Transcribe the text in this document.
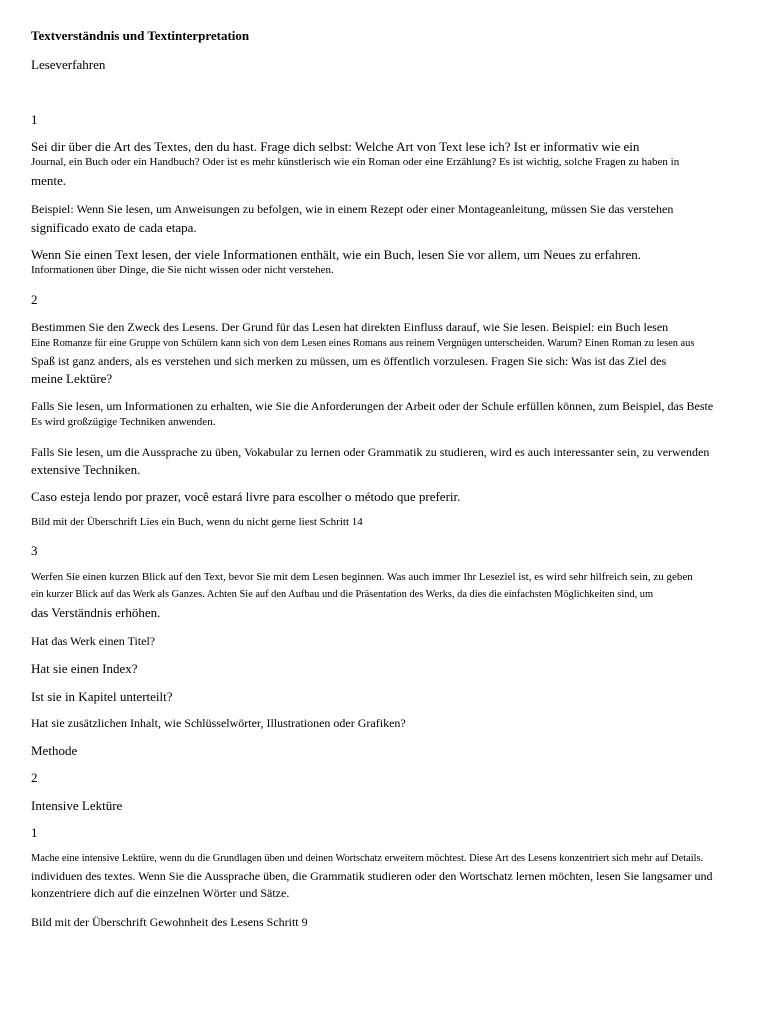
Textverständnis und Textinterpretation
Leseverfahren
1
Sei dir über die Art des Textes, den du hast. Frage dich selbst: Welche Art von Text lese ich? Ist er informativ wie ein
Journal, ein Buch oder ein Handbuch? Oder ist es mehr künstlerisch wie ein Roman oder eine Erzählung? Es ist wichtig, solche Fragen zu haben in
mente.
Beispiel: Wenn Sie lesen, um Anweisungen zu befolgen, wie in einem Rezept oder einer Montageanleitung, müssen Sie das verstehen
significado exato de cada etapa.
Wenn Sie einen Text lesen, der viele Informationen enthält, wie ein Buch, lesen Sie vor allem, um Neues zu erfahren.
Informationen über Dinge, die Sie nicht wissen oder nicht verstehen.
2
Bestimmen Sie den Zweck des Lesens. Der Grund für das Lesen hat direkten Einfluss darauf, wie Sie lesen. Beispiel: ein Buch lesen
Eine Romanze für eine Gruppe von Schülern kann sich von dem Lesen eines Romans aus reinem Vergnügen unterscheiden. Warum? Einen Roman zu lesen aus
Spaß ist ganz anders, als es verstehen und sich merken zu müssen, um es öffentlich vorzulesen. Fragen Sie sich: Was ist das Ziel des
meine Lektüre?
Falls Sie lesen, um Informationen zu erhalten, wie Sie die Anforderungen der Arbeit oder der Schule erfüllen können, zum Beispiel, das Beste
Es wird großzügige Techniken anwenden.
Falls Sie lesen, um die Aussprache zu üben, Vokabular zu lernen oder Grammatik zu studieren, wird es auch interessanter sein, zu verwenden
extensive Techniken.
Caso esteja lendo por prazer, você estará livre para escolher o método que preferir.
Bild mit der Überschrift Lies ein Buch, wenn du nicht gerne liest Schritt 14
3
Werfen Sie einen kurzen Blick auf den Text, bevor Sie mit dem Lesen beginnen. Was auch immer Ihr Leseziel ist, es wird sehr hilfreich sein, zu geben
ein kurzer Blick auf das Werk als Ganzes. Achten Sie auf den Aufbau und die Präsentation des Werks, da dies die einfachsten Möglichkeiten sind, um
das Verständnis erhöhen.
Hat das Werk einen Titel?
Hat sie einen Index?
Ist sie in Kapitel unterteilt?
Hat sie zusätzlichen Inhalt, wie Schlüsselwörter, Illustrationen oder Grafiken?
Methode
2
Intensive Lektüre
1
Mache eine intensive Lektüre, wenn du die Grundlagen üben und deinen Wortschatz erweitern möchtest. Diese Art des Lesens konzentriert sich mehr auf Details.
individuen des textes. Wenn Sie die Aussprache üben, die Grammatik studieren oder den Wortschatz lernen möchten, lesen Sie langsamer und
konzentriere dich auf die einzelnen Wörter und Sätze.
Bild mit der Überschrift Gewohnheit des Lesens Schritt 9
